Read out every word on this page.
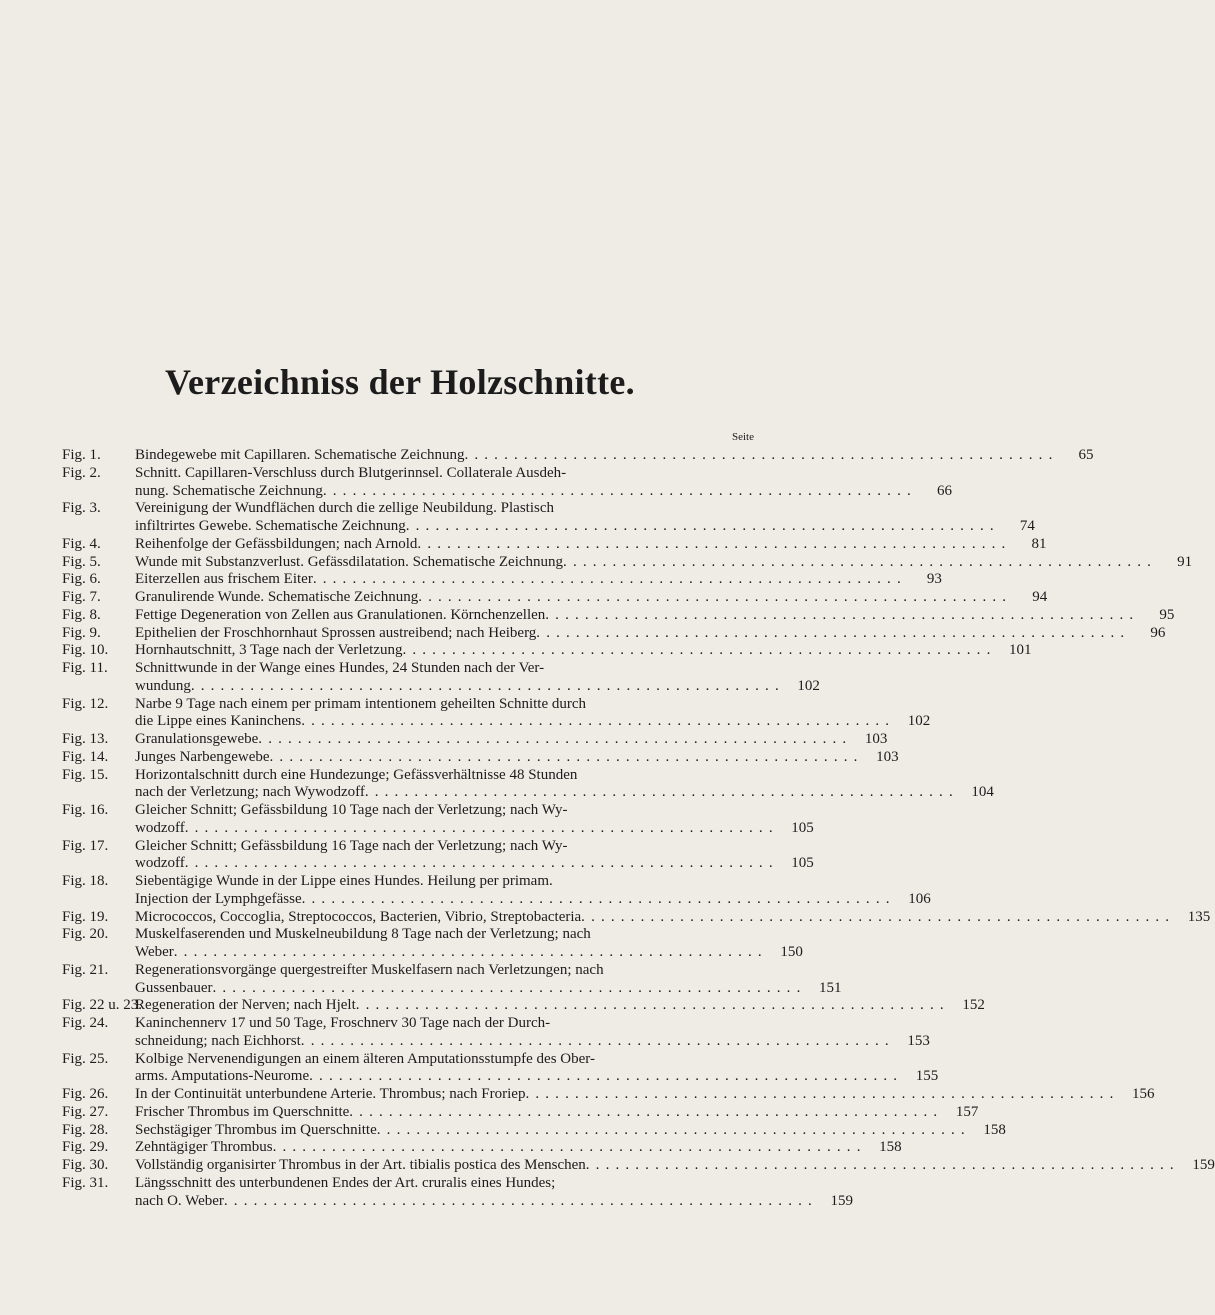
Verzeichniss der Holzschnitte.
Seite
Fig. 1.	Bindegewebe mit Capillaren. Schematische Zeichnung . . . . . . . . . . . . . . . . . . . . . . . . . . . . . . . . . . . . . . . . . . . . . . . . . . . . . . . . . . . .	65
Fig. 2.	Schnitt. Capillaren-Verschluss durch Blutgerinnsel. Collaterale Ausdeh-
nung. Schematische Zeichnung . . . . . . . . . . . . . . . . . . . . . . . . . . . . . . . . . . . . . . . . . . . . . . . . . . . . . . . . . . . .	66
Fig. 3.	Vereinigung der Wundflächen durch die zellige Neubildung. Plastisch
infiltrirtes Gewebe. Schematische Zeichnung . . . . . . . . . . . . . . . . . . . . . . . . . . . . . . . . . . . . . . . . . . . . . . . . . . . . . . . . . . . .	74
Fig. 4.	Reihenfolge der Gefässbildungen; nach Arnold . . . . . . . . . . . . . . . . . . . . . . . . . . . . . . . . . . . . . . . . . . . . . . . . . . . . . . . . . . . .	81
Fig. 5.	Wunde mit Substanzverlust. Gefässdilatation. Schematische Zeichnung . . . . . . . . . . . . . . . . . . . . . . . . . . . . . . . . . . . . . . . . . . . . . . . . . . . . . . . . . . . .	91
Fig. 6.	Eiterzellen aus frischem Eiter . . . . . . . . . . . . . . . . . . . . . . . . . . . . . . . . . . . . . . . . . . . . . . . . . . . . . . . . . . . .	93
Fig. 7.	Granulirende Wunde. Schematische Zeichnung . . . . . . . . . . . . . . . . . . . . . . . . . . . . . . . . . . . . . . . . . . . . . . . . . . . . . . . . . . . .	94
Fig. 8.	Fettige Degeneration von Zellen aus Granulationen. Körnchenzellen . . . . . . . . . . . . . . . . . . . . . . . . . . . . . . . . . . . . . . . . . . . . . . . . . . . . . . . . . . . .	95
Fig. 9.	Epithelien der Froschhornhaut Sprossen austreibend; nach Heiberg . . . . . . . . . . . . . . . . . . . . . . . . . . . . . . . . . . . . . . . . . . . . . . . . . . . . . . . . . . . .	96
Fig. 10.	Hornhautschnitt, 3 Tage nach der Verletzung . . . . . . . . . . . . . . . . . . . . . . . . . . . . . . . . . . . . . . . . . . . . . . . . . . . . . . . . . . . .	101
Fig. 11.	Schnittwunde in der Wange eines Hundes, 24 Stunden nach der Ver-
wundung . . . . . . . . . . . . . . . . . . . . . . . . . . . . . . . . . . . . . . . . . . . . . . . . . . . . . . . . . . . .	102
Fig. 12.	Narbe 9 Tage nach einem per primam intentionem geheilten Schnitte durch
die Lippe eines Kaninchens . . . . . . . . . . . . . . . . . . . . . . . . . . . . . . . . . . . . . . . . . . . . . . . . . . . . . . . . . . . .	102
Fig. 13.	Granulationsgewebe . . . . . . . . . . . . . . . . . . . . . . . . . . . . . . . . . . . . . . . . . . . . . . . . . . . . . . . . . . . .	103
Fig. 14.	Junges Narbengewebe . . . . . . . . . . . . . . . . . . . . . . . . . . . . . . . . . . . . . . . . . . . . . . . . . . . . . . . . . . . .	103
Fig. 15.	Horizontalschnitt durch eine Hundezunge; Gefässverhältnisse 48 Stunden
nach der Verletzung; nach Wywodzoff . . . . . . . . . . . . . . . . . . . . . . . . . . . . . . . . . . . . . . . . . . . . . . . . . . . . . . . . . . . .	104
Fig. 16.	Gleicher Schnitt; Gefässbildung 10 Tage nach der Verletzung; nach Wy-
wodzoff . . . . . . . . . . . . . . . . . . . . . . . . . . . . . . . . . . . . . . . . . . . . . . . . . . . . . . . . . . . .	105
Fig. 17.	Gleicher Schnitt; Gefässbildung 16 Tage nach der Verletzung; nach Wy-
wodzoff . . . . . . . . . . . . . . . . . . . . . . . . . . . . . . . . . . . . . . . . . . . . . . . . . . . . . . . . . . . .	105
Fig. 18.	Siebentägige Wunde in der Lippe eines Hundes. Heilung per primam.
Injection der Lymphgefässe . . . . . . . . . . . . . . . . . . . . . . . . . . . . . . . . . . . . . . . . . . . . . . . . . . . . . . . . . . . .	106
Fig. 19.	Micrococcos, Coccoglia, Streptococcos, Bacterien, Vibrio, Streptobacteria . . . . . . . . . . . . . . . . . . . . . . . . . . . . . . . . . . . . . . . . . . . . . . . . . . . . . . . . . . . .	135
Fig. 20.	Muskelfaserenden und Muskelneubildung 8 Tage nach der Verletzung; nach
Weber . . . . . . . . . . . . . . . . . . . . . . . . . . . . . . . . . . . . . . . . . . . . . . . . . . . . . . . . . . . .	150
Fig. 21.	Regenerationsvorgänge quergestreifter Muskelfasern nach Verletzungen; nach
Gussenbauer . . . . . . . . . . . . . . . . . . . . . . . . . . . . . . . . . . . . . . . . . . . . . . . . . . . . . . . . . . . .	151
Fig. 22 u. 23.
Regeneration der Nerven; nach Hjelt . . . . . . . . . . . . . . . . . . . . . . . . . . . . . . . . . . . . . . . . . . . . . . . . . . . . . . . . . . . .	152
Fig. 24.	Kaninchennerv 17 und 50 Tage, Froschnerv 30 Tage nach der Durch-
schneidung; nach Eichhorst . . . . . . . . . . . . . . . . . . . . . . . . . . . . . . . . . . . . . . . . . . . . . . . . . . . . . . . . . . . .	153
Fig. 25.	Kolbige Nervenendigungen an einem älteren Amputationsstumpfe des Ober-
arms. Amputations-Neurome . . . . . . . . . . . . . . . . . . . . . . . . . . . . . . . . . . . . . . . . . . . . . . . . . . . . . . . . . . . .	155
Fig. 26.	In der Continuität unterbundene Arterie. Thrombus; nach Froriep . . . . . . . . . . . . . . . . . . . . . . . . . . . . . . . . . . . . . . . . . . . . . . . . . . . . . . . . . . . .	156
Fig. 27.	Frischer Thrombus im Querschnitte . . . . . . . . . . . . . . . . . . . . . . . . . . . . . . . . . . . . . . . . . . . . . . . . . . . . . . . . . . . .	157
Fig. 28.	Sechstägiger Thrombus im Querschnitte . . . . . . . . . . . . . . . . . . . . . . . . . . . . . . . . . . . . . . . . . . . . . . . . . . . . . . . . . . . .	158
Fig. 29.	Zehntägiger Thrombus . . . . . . . . . . . . . . . . . . . . . . . . . . . . . . . . . . . . . . . . . . . . . . . . . . . . . . . . . . . .	158
Fig. 30.	Vollständig organisirter Thrombus in der Art. tibialis postica des Menschen . . . . . . . . . . . . . . . . . . . . . . . . . . . . . . . . . . . . . . . . . . . . . . . . . . . . . . . . . . . .	159
Fig. 31.	Längsschnitt des unterbundenen Endes der Art. cruralis eines Hundes;
nach O. Weber . . . . . . . . . . . . . . . . . . . . . . . . . . . . . . . . . . . . . . . . . . . . . . . . . . . . . . . . . . . .	159
